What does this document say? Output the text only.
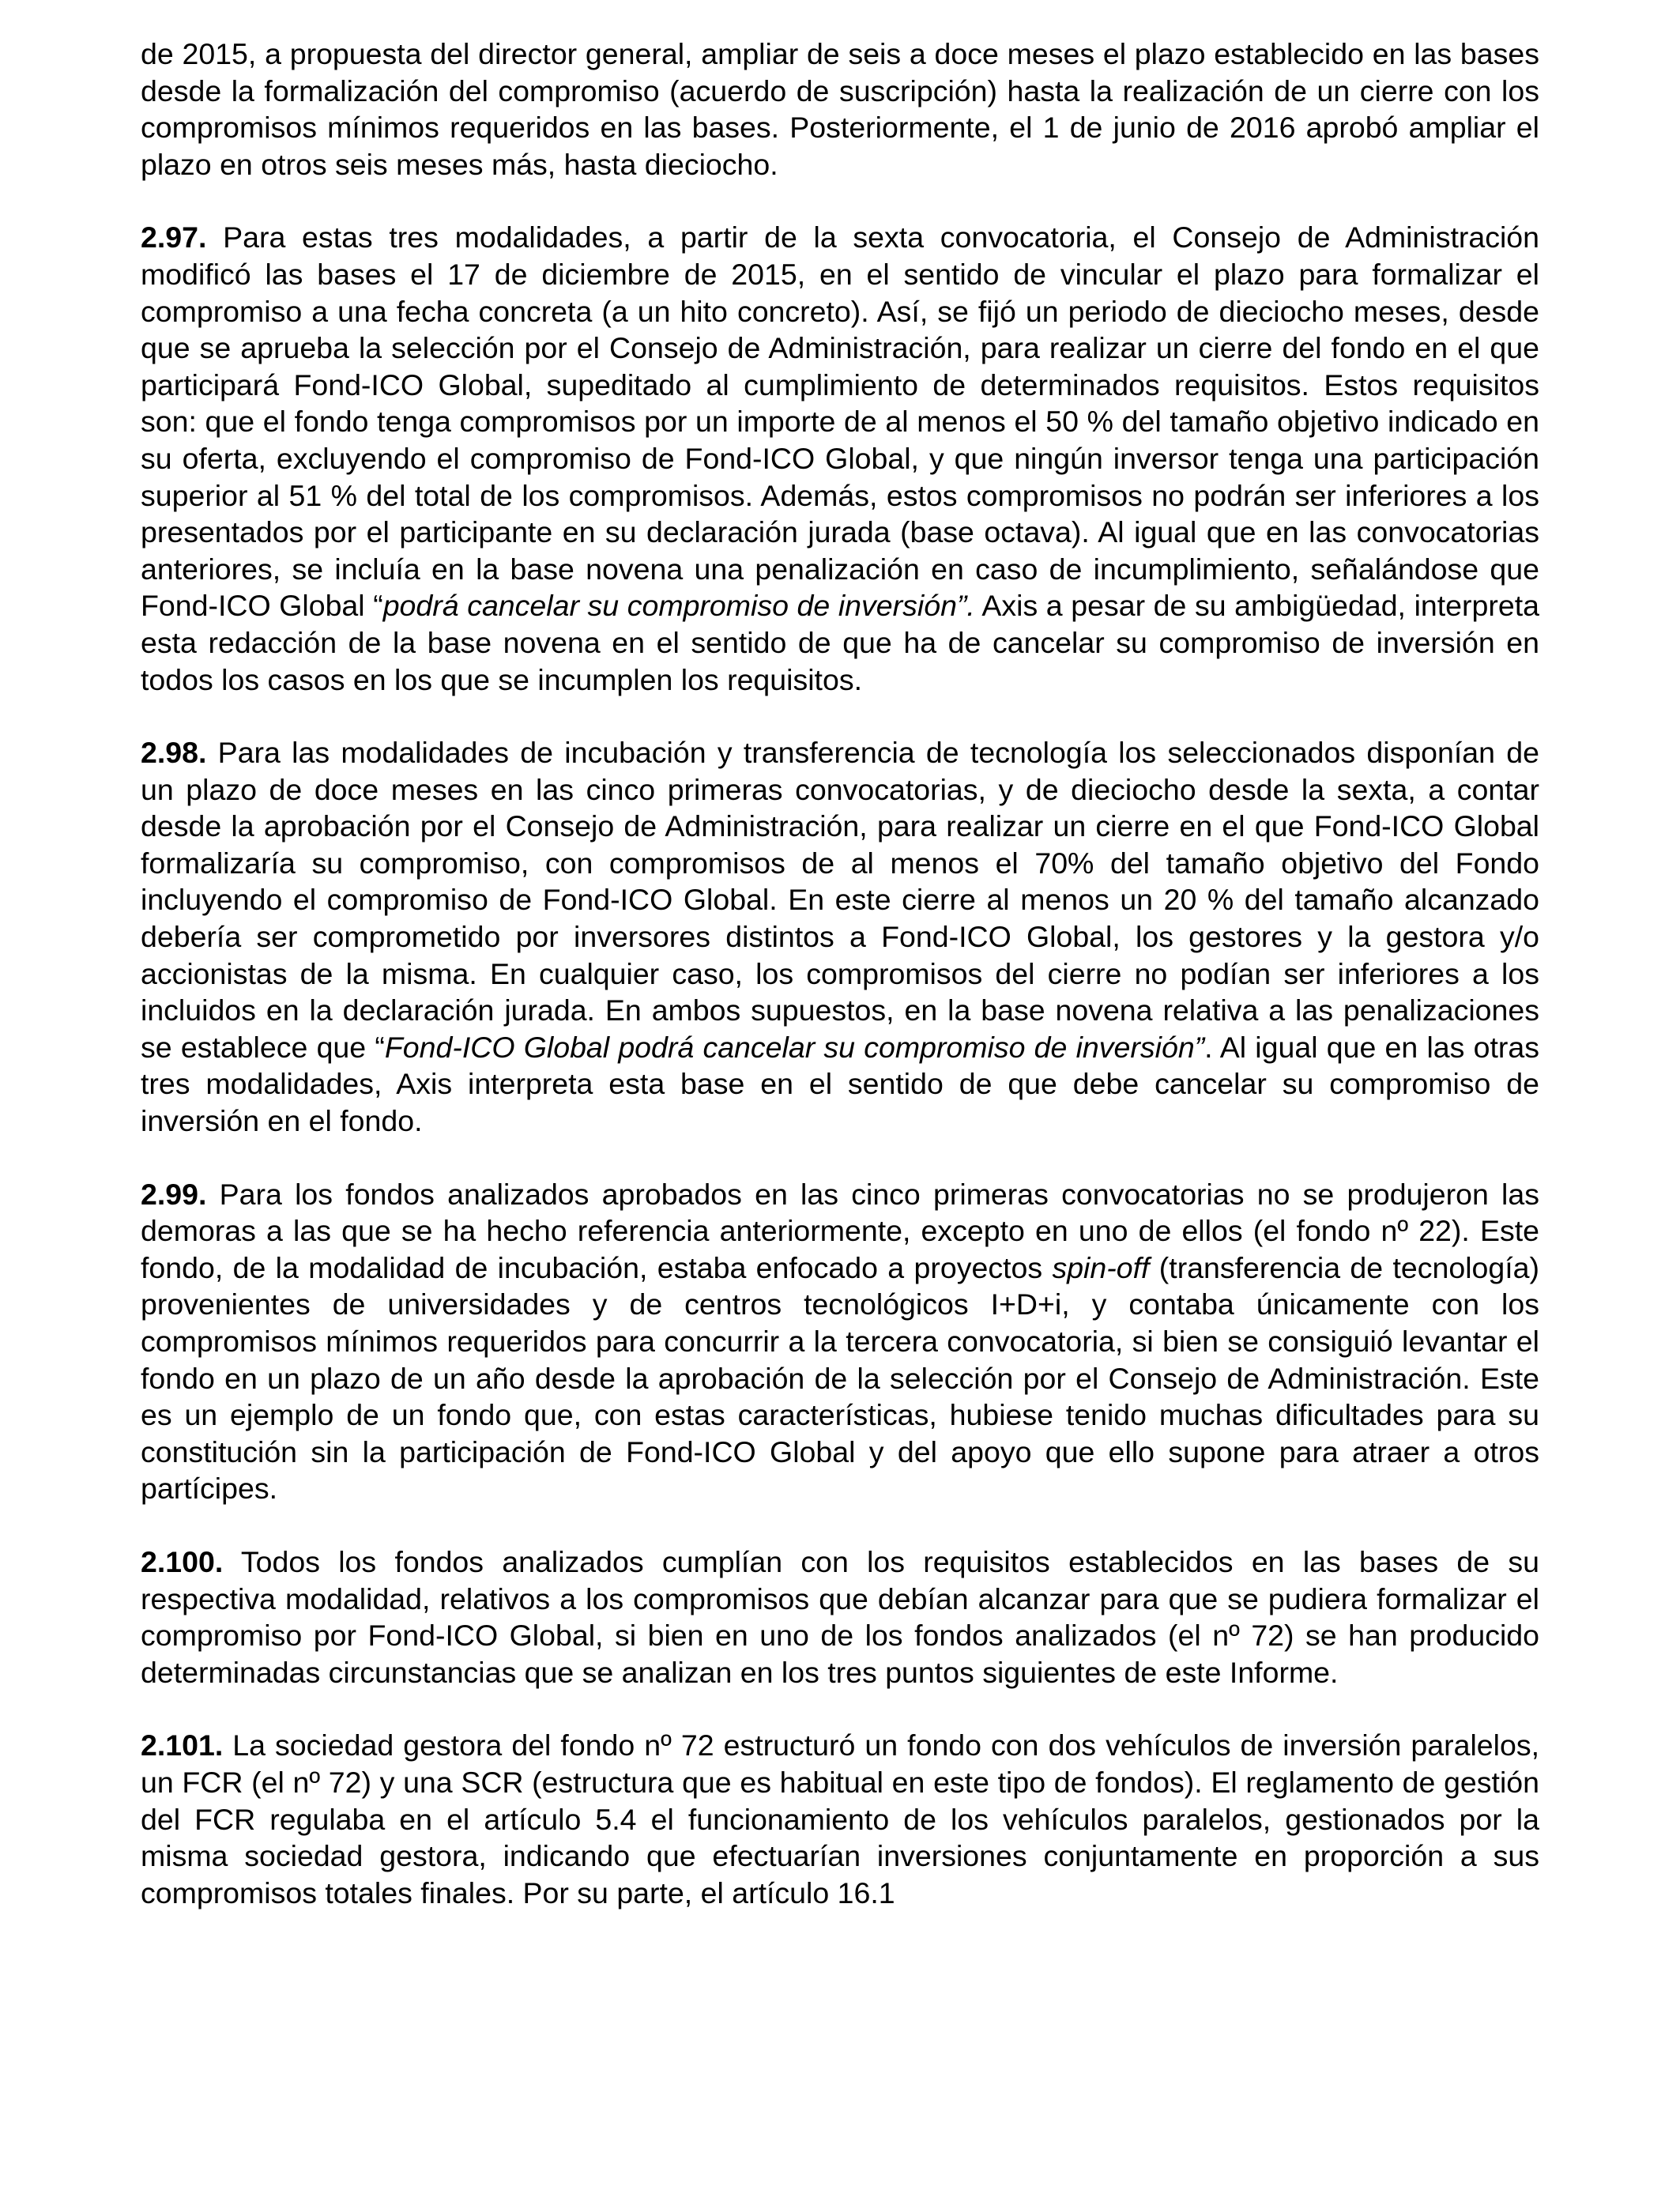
de 2015, a propuesta del director general, ampliar de seis a doce meses el plazo establecido en las bases desde la formalización del compromiso (acuerdo de suscripción) hasta la realización de un cierre con los compromisos mínimos requeridos en las bases. Posteriormente, el 1 de junio de 2016 aprobó ampliar el plazo en otros seis meses más, hasta dieciocho.

2.97. Para estas tres modalidades, a partir de la sexta convocatoria, el Consejo de Administración modificó las bases el 17 de diciembre de 2015, en el sentido de vincular el plazo para formalizar el compromiso a una fecha concreta (a un hito concreto). Así, se fijó un periodo de dieciocho meses, desde que se aprueba la selección por el Consejo de Administración, para realizar un cierre del fondo en el que participará Fond-ICO Global, supeditado al cumplimiento de determinados requisitos. Estos requisitos son: que el fondo tenga compromisos por un importe de al menos el 50 % del tamaño objetivo indicado en su oferta, excluyendo el compromiso de Fond-ICO Global, y que ningún inversor tenga una participación superior al 51 % del total de los compromisos. Además, estos compromisos no podrán ser inferiores a los presentados por el participante en su declaración jurada (base octava). Al igual que en las convocatorias anteriores, se incluía en la base novena una penalización en caso de incumplimiento, señalándose que Fond-ICO Global “podrá cancelar su compromiso de inversión”. Axis a pesar de su ambigüedad, interpreta esta redacción de la base novena en el sentido de que ha de cancelar su compromiso de inversión en todos los casos en los que se incumplen los requisitos.

2.98. Para las modalidades de incubación y transferencia de tecnología los seleccionados disponían de un plazo de doce meses en las cinco primeras convocatorias, y de dieciocho desde la sexta, a contar desde la aprobación por el Consejo de Administración, para realizar un cierre en el que Fond-ICO Global formalizaría su compromiso, con compromisos de al menos el 70% del tamaño objetivo del Fondo incluyendo el compromiso de Fond-ICO Global. En este cierre al menos un 20 % del tamaño alcanzado debería ser comprometido por inversores distintos a Fond-ICO Global, los gestores y la gestora y/o accionistas de la misma. En cualquier caso, los compromisos del cierre no podían ser inferiores a los incluidos en la declaración jurada. En ambos supuestos, en la base novena relativa a las penalizaciones se establece que “Fond-ICO Global podrá cancelar su compromiso de inversión”. Al igual que en las otras tres modalidades, Axis interpreta esta base en el sentido de que debe cancelar su compromiso de inversión en el fondo.

2.99. Para los fondos analizados aprobados en las cinco primeras convocatorias no se produjeron las demoras a las que se ha hecho referencia anteriormente, excepto en uno de ellos (el fondo nº 22). Este fondo, de la modalidad de incubación, estaba enfocado a proyectos spin-off (transferencia de tecnología) provenientes de universidades y de centros tecnológicos I+D+i, y contaba únicamente con los compromisos mínimos requeridos para concurrir a la tercera convocatoria, si bien se consiguió levantar el fondo en un plazo de un año desde la aprobación de la selección por el Consejo de Administración. Este es un ejemplo de un fondo que, con estas características, hubiese tenido muchas dificultades para su constitución sin la participación de Fond-ICO Global y del apoyo que ello supone para atraer a otros partícipes.

2.100. Todos los fondos analizados cumplían con los requisitos establecidos en las bases de su respectiva modalidad, relativos a los compromisos que debían alcanzar para que se pudiera formalizar el compromiso por Fond-ICO Global, si bien en uno de los fondos analizados (el nº 72) se han producido determinadas circunstancias que se analizan en los tres puntos siguientes de este Informe.

2.101. La sociedad gestora del fondo nº 72 estructuró un fondo con dos vehículos de inversión paralelos, un FCR (el nº 72) y una SCR (estructura que es habitual en este tipo de fondos). El reglamento de gestión del FCR regulaba en el artículo 5.4 el funcionamiento de los vehículos paralelos, gestionados por la misma sociedad gestora, indicando que efectuarían inversiones conjuntamente en proporción a sus compromisos totales finales. Por su parte, el artículo 16.1
